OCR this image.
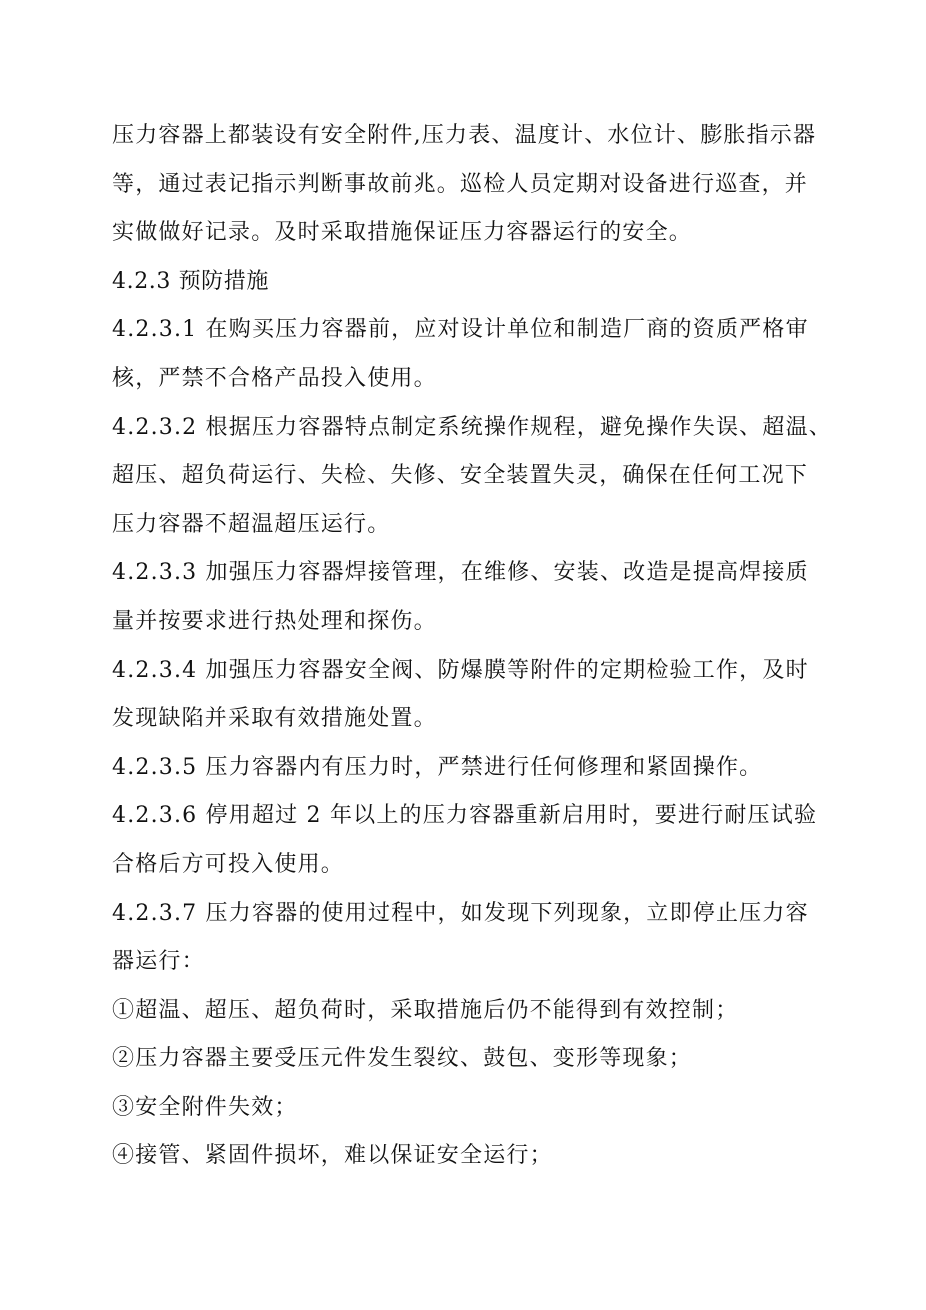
压力容器上都装设有安全附件,压力表、温度计、水位计、膨胀指示器
等，通过表记指示判断事故前兆。巡检人员定期对设备进行巡查，并
实做做好记录。及时采取措施保证压力容器运行的安全。
4.2.3 预防措施
4.2.3.1 在购买压力容器前，应对设计单位和制造厂商的资质严格审
核，严禁不合格产品投入使用。
4.2.3.2 根据压力容器特点制定系统操作规程，避免操作失误、超温、
超压、超负荷运行、失检、失修、安全装置失灵，确保在任何工况下
压力容器不超温超压运行。
4.2.3.3 加强压力容器焊接管理，在维修、安装、改造是提高焊接质
量并按要求进行热处理和探伤。
4.2.3.4 加强压力容器安全阀、防爆膜等附件的定期检验工作，及时
发现缺陷并采取有效措施处置。
4.2.3.5 压力容器内有压力时，严禁进行任何修理和紧固操作。
4.2.3.6 停用超过 2 年以上的压力容器重新启用时，要进行耐压试验
合格后方可投入使用。
4.2.3.7 压力容器的使用过程中，如发现下列现象，立即停止压力容
器运行：
①超温、超压、超负荷时，采取措施后仍不能得到有效控制；
②压力容器主要受压元件发生裂纹、鼓包、变形等现象；
③安全附件失效；
④接管、紧固件损坏，难以保证安全运行；
